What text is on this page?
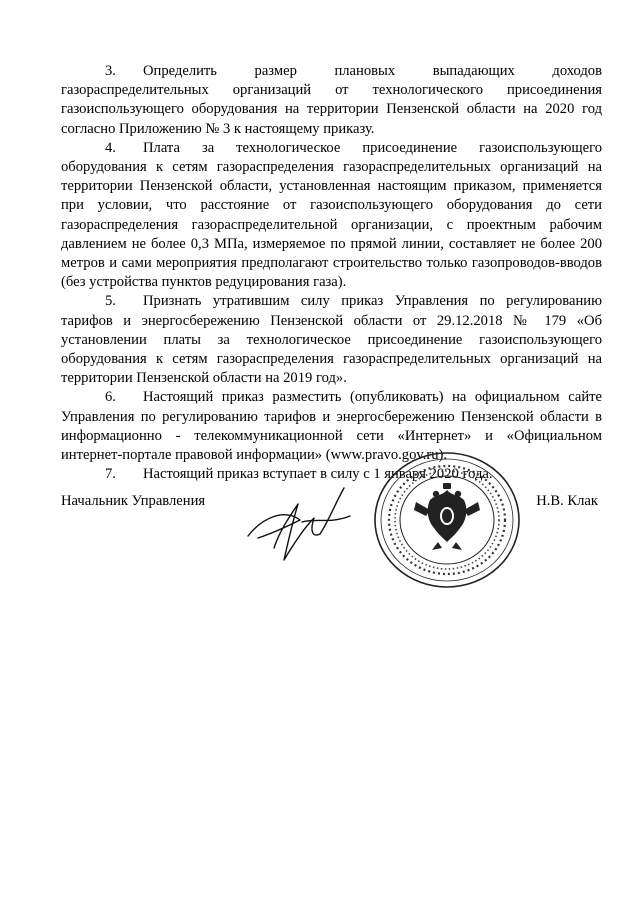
3. Определить размер плановых выпадающих доходов газораспределительных организаций от технологического присоединения газоиспользующего оборудования на территории Пензенской области на 2020 год согласно Приложению № 3 к настоящему приказу.

4. Плата за технологическое присоединение газоиспользующего оборудования к сетям газораспределения газораспределительных организаций на территории Пензенской области, установленная настоящим приказом, применяется при условии, что расстояние от газоиспользующего оборудования до сети газораспределения газораспределительной организации, с проектным рабочим давлением не более 0,3 МПа, измеряемое по прямой линии, составляет не более 200 метров и сами мероприятия предполагают строительство только газопроводов-вводов (без устройства пунктов редуцирования газа).

5. Признать утратившим силу приказ Управления по регулированию тарифов и энергосбережению Пензенской области от 29.12.2018 № 179 «Об установлении платы за технологическое присоединение газоиспользующего оборудования к сетям газораспределения газораспределительных организаций на территории Пензенской области на 2019 год».

6. Настоящий приказ разместить (опубликовать) на официальном сайте Управления по регулированию тарифов и энергосбережению Пензенской области в информационно - телекоммуникационной сети «Интернет» и «Официальном интернет-портале правовой информации» (www.pravo.gov.ru).

7. Настоящий приказ вступает в силу с 1 января 2020 года.

Начальник Управления	Н.В. Клак
